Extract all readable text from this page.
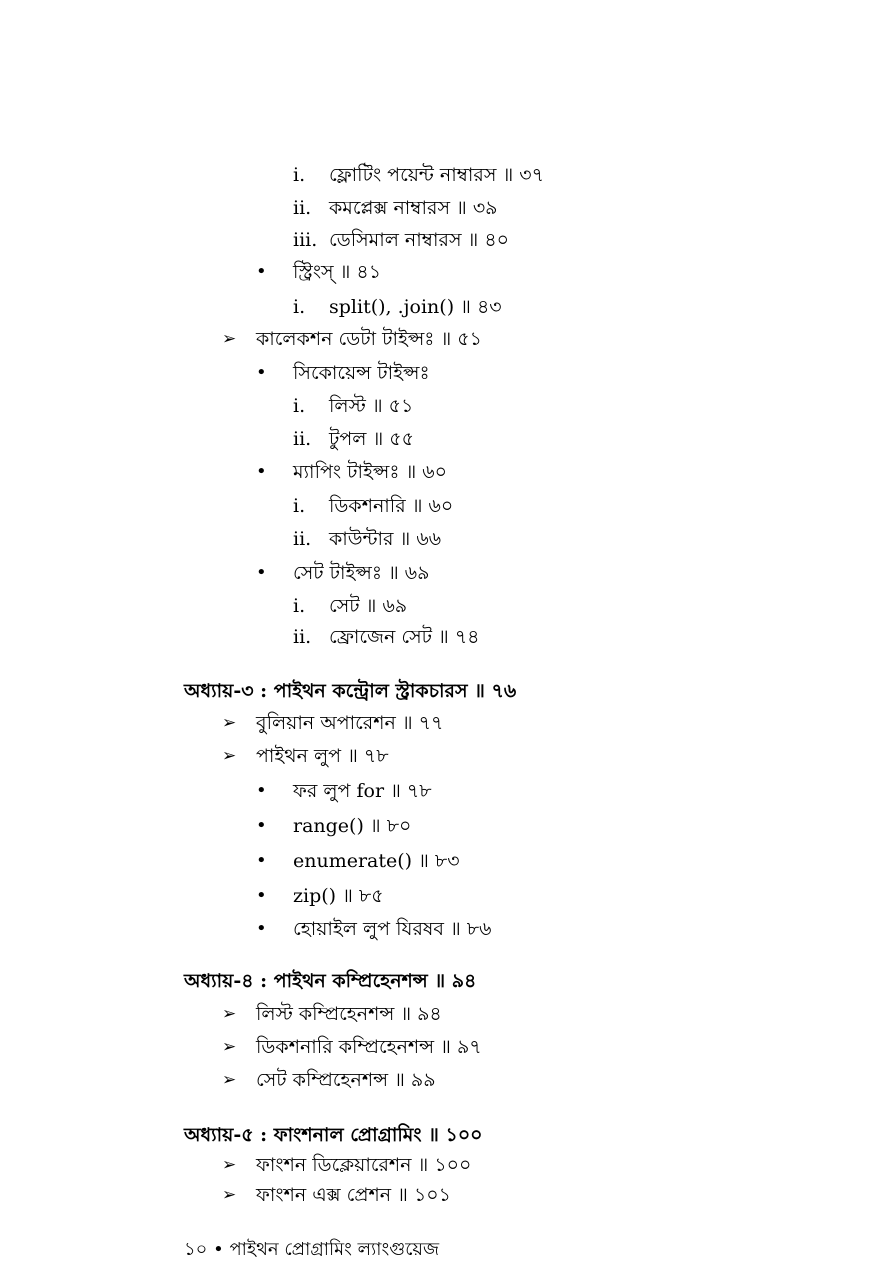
i. ফ্লোটিং পয়েন্ট নাম্বারস ॥ ৩৭
ii. কমপ্লেক্স নাম্বারস ॥ ৩৯
iii. ডেসিমাল নাম্বারস ॥ ৪০
• স্ট্রিংস্ ॥ ৪১
i. split(), .join() ॥ ৪৩
➢ কালেকশন ডেটা টাইপ্সঃ ॥ ৫১
• সিকোয়েন্স টাইপ্সঃ
i. লিস্ট ॥ ৫১
ii. টুপল ॥ ৫৫
• ম্যাপিং টাইপ্সঃ ॥ ৬০
i. ডিকশনারি ॥ ৬০
ii. কাউন্টার ॥ ৬৬
• সেট টাইপ্সঃ ॥ ৬৯
i. সেট ॥ ৬৯
ii. ফ্রোজেন সেট ॥ ৭৪
অধ্যায়-৩ : পাইথন কন্ট্রোল স্ট্রাকচারস ॥ ৭৬
➢ বুলিয়ান অপারেশন ॥ ৭৭
➢ পাইথন লুপ ॥ ৭৮
• ফর লুপ for ॥ ৭৮
• range() ॥ ৮০
• enumerate() ॥ ৮৩
• zip() ॥ ৮৫
• হোয়াইল লুপ যিরষব ॥ ৮৬
অধ্যায়-৪ : পাইথন কম্প্রিহেনশন্স ॥ ৯৪
➢ লিস্ট কম্প্রিহেনশন্স ॥ ৯৪
➢ ডিকশনারি কম্প্রিহেনশন্স ॥ ৯৭
➢ সেট কম্প্রিহেনশন্স ॥ ৯৯
অধ্যায়-৫ : ফাংশনাল প্রোগ্রামিং ॥ ১০০
➢ ফাংশন ডিক্লেয়ারেশন ॥ ১০০
➢ ফাংশন এক্স প্রেশন ॥ ১০১
১০ • পাইথন প্রোগ্রামিং ল্যাংগুয়েজ
